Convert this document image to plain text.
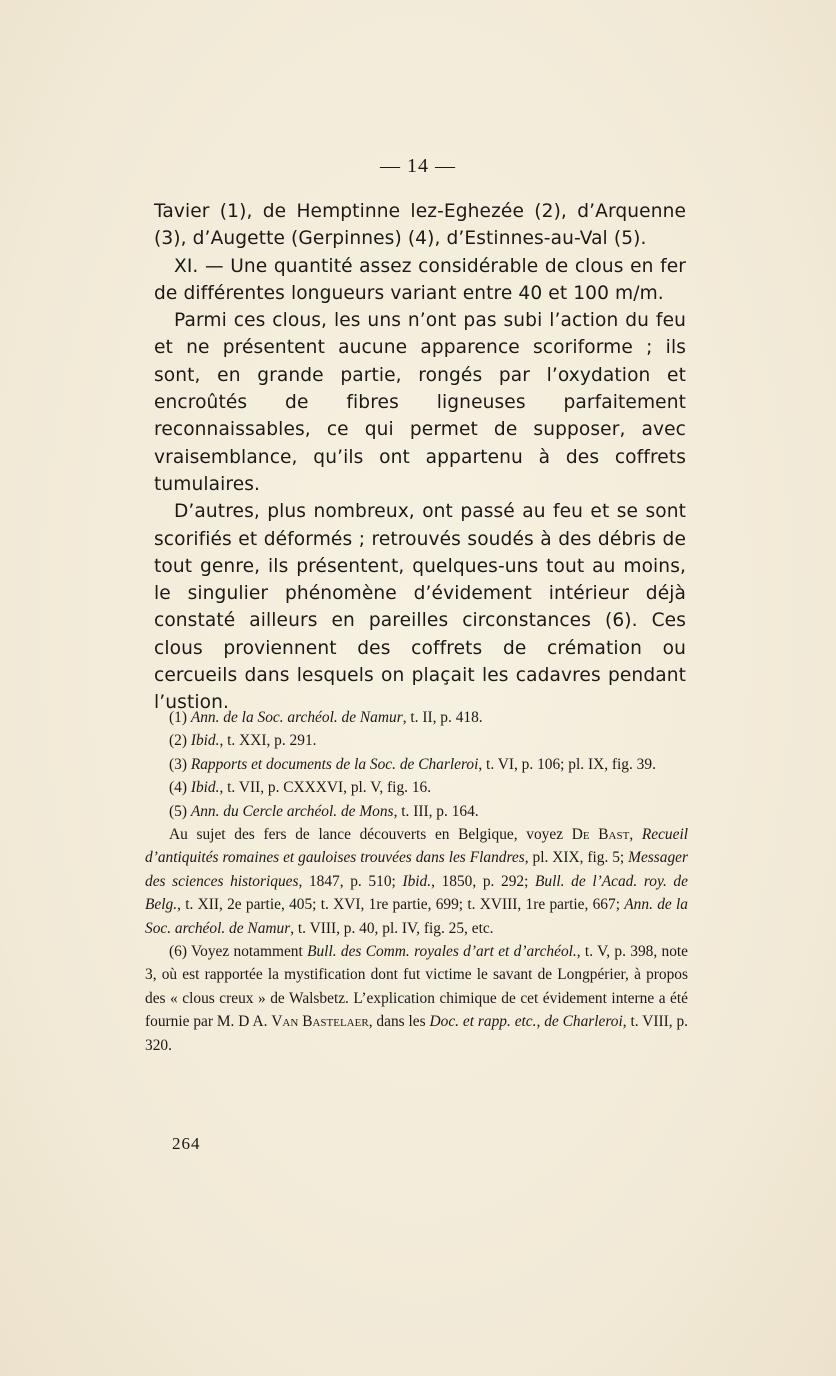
— 14 —

Tavier (1), de Hemptinne lez-Eghezée (2), d’Arquenne (3), d’Augette (Gerpinnes) (4), d’Estinnes-au-Val (5).

XI. — Une quantité assez considérable de clous en fer de différentes longueurs variant entre 40 et 100 m/m.

Parmi ces clous, les uns n’ont pas subi l’action du feu et ne présentent aucune apparence scoriforme ; ils sont, en grande partie, rongés par l’oxydation et encroûtés de fibres ligneuses parfaitement reconnaissables, ce qui permet de supposer, avec vraisemblance, qu’ils ont appartenu à des coffrets tumulaires.

D’autres, plus nombreux, ont passé au feu et se sont scorifiés et déformés ; retrouvés soudés à des débris de tout genre, ils présentent, quelques-uns tout au moins, le singulier phénomène d’évidement intérieur déjà constaté ailleurs en pareilles circonstances (6). Ces clous proviennent des coffrets de crémation ou cercueils dans lesquels on plaçait les cadavres pendant l’ustion.

(1) Ann. de la Soc. archéol. de Namur, t. II, p. 418.

(2) Ibid., t. XXI, p. 291.

(3) Rapports et documents de la Soc. de Charleroi, t. VI, p. 106; pl. IX, fig. 39.

(4) Ibid., t. VII, p. CXXXVI, pl. V, fig. 16.

(5) Ann. du Cercle archéol. de Mons, t. III, p. 164.

Au sujet des fers de lance découverts en Belgique, voyez De Bast, Recueil d’antiquités romaines et gauloises trouvées dans les Flandres, pl. XIX, fig. 5; Messager des sciences historiques, 1847, p. 510; Ibid., 1850, p. 292; Bull. de l’Acad. roy. de Belg., t. XII, 2e partie, 405; t. XVI, 1re partie, 699; t. XVIII, 1re partie, 667; Ann. de la Soc. archéol. de Namur, t. VIII, p. 40, pl. IV, fig. 25, etc.

(6) Voyez notamment Bull. des Comm. royales d’art et d’archéol., t. V, p. 398, note 3, où est rapportée la mystification dont fut victime le savant de Longpérier, à propos des « clous creux » de Walsbetz. L’explication chimique de cet évidement interne a été fournie par M. D A. Van Bastelaer, dans les Doc. et rapp. etc., de Charleroi, t. VIII, p. 320.

264
